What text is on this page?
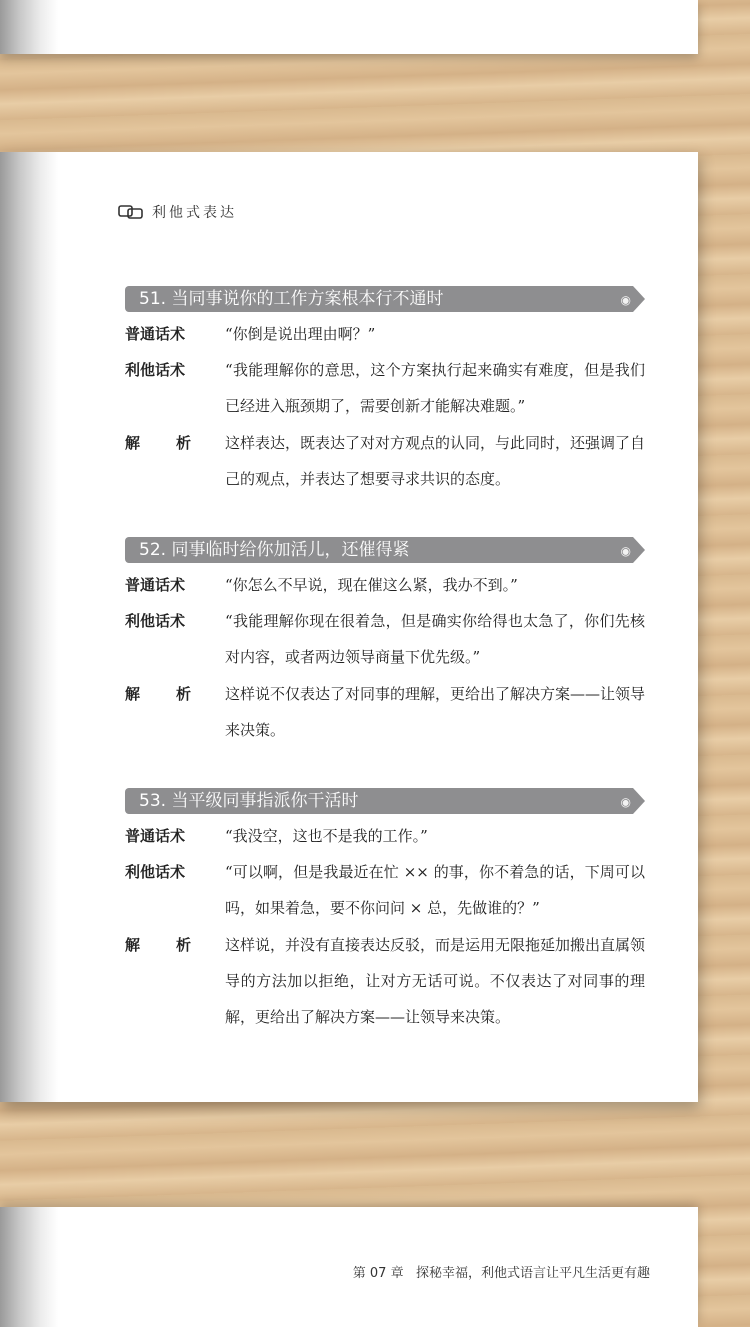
利他式表达
51. 当同事说你的工作方案根本行不通时	◉
普通话术	“你倒是说出理由啊？”
利他话术	“我能理解你的意思，这个方案执行起来确实有难度，但是我们已经进入瓶颈期了，需要创新才能解决难题。”
解 析 这样表达，既表达了对对方观点的认同，与此同时，还强调了自己的观点，并表达了想要寻求共识的态度。
52. 同事临时给你加活儿，还催得紧	◉
普通话术	“你怎么不早说，现在催这么紧，我办不到。”
利他话术	“我能理解你现在很着急，但是确实你给得也太急了，你们先核对内容，或者两边领导商量下优先级。”
解 析 这样说不仅表达了对同事的理解，更给出了解决方案——让领导来决策。
53. 当平级同事指派你干活时	◉
普通话术	“我没空，这也不是我的工作。”
利他话术	“可以啊，但是我最近在忙 ×× 的事，你不着急的话，下周可以吗，如果着急，要不你问问 × 总，先做谁的？”
解 析 这样说，并没有直接表达反驳，而是运用无限拖延加搬出直属领导的方法加以拒绝，让对方无话可说。不仅表达了对同事的理解，更给出了解决方案——让领导来决策。
第 07 章 探秘幸福，利他式语言让平凡生活更有趣
